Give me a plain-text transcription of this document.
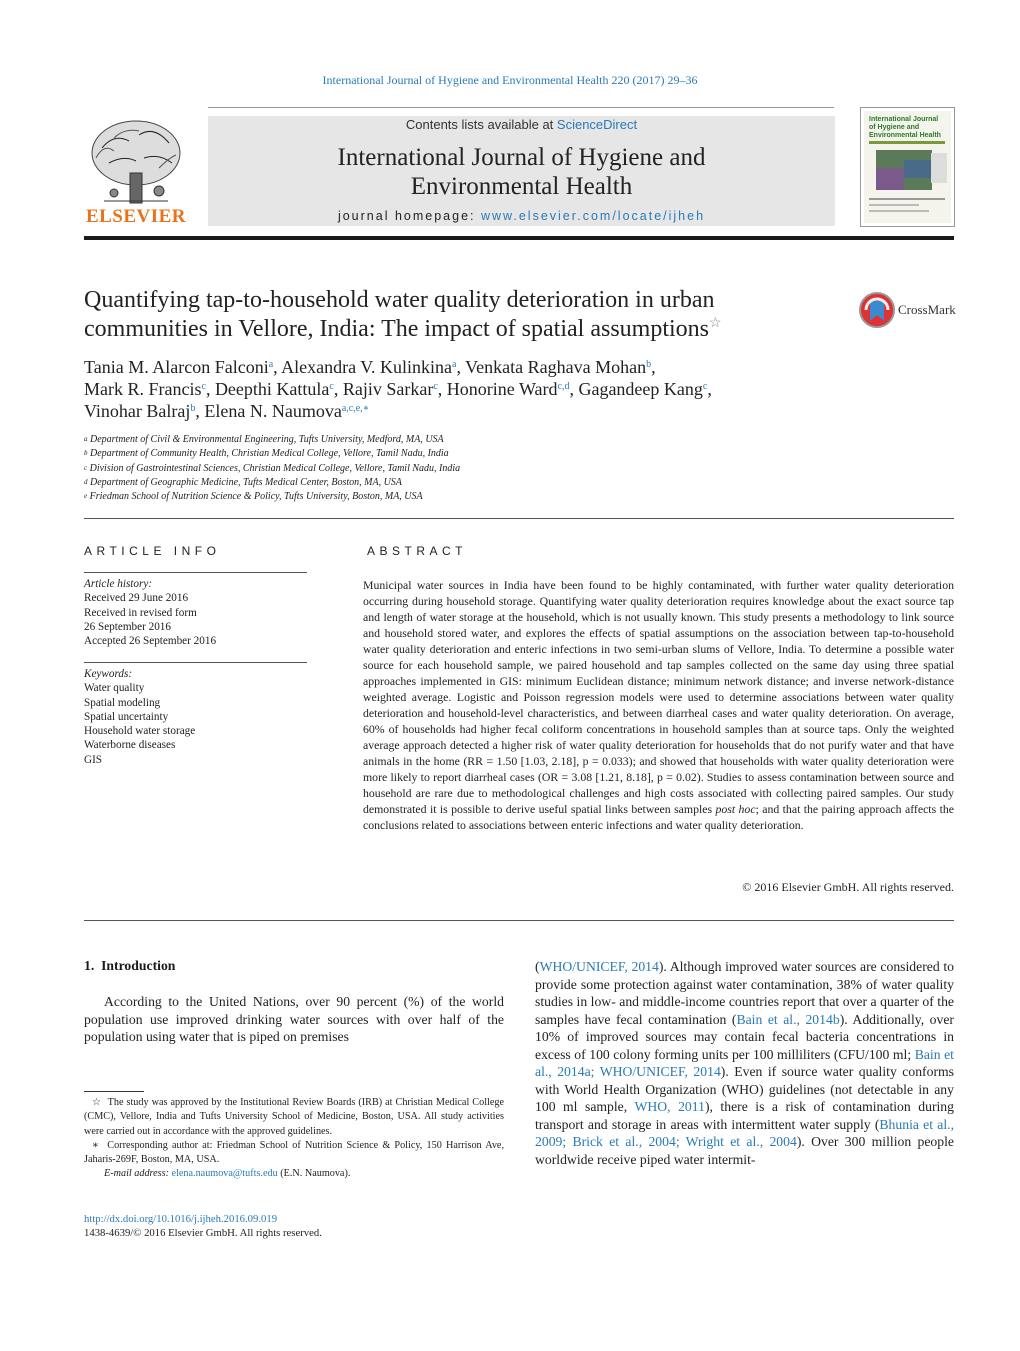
International Journal of Hygiene and Environmental Health 220 (2017) 29–36
ELSEVIER
Contents lists available at ScienceDirect
International Journal of Hygiene and
Environmental Health
journal homepage: www.elsevier.com/locate/ijheh
International Journal
of Hygiene and
Environmental Health
Quantifying tap-to-household water quality deterioration in urban
communities in Vellore, India: The impact of spatial assumptions☆
CrossMark
Tania M. Alarcon Falconi$^a$, Alexandra V. Kulinkina$^a$, Venkata Raghava Mohan$^b$,
Mark R. Francis$^c$, Deepthi Kattula$^c$, Rajiv Sarkar$^c$, Honorine Ward$^{c,d}$, Gagandeep Kang$^c$,
Vinohar Balraj$^b$, Elena N. Naumova$^{a,c,e,∗}$
$^a$ Department of Civil & Environmental Engineering, Tufts University, Medford, MA, USA
$^b$ Department of Community Health, Christian Medical College, Vellore, Tamil Nadu, India
$^c$ Division of Gastrointestinal Sciences, Christian Medical College, Vellore, Tamil Nadu, India
$^d$ Department of Geographic Medicine, Tufts Medical Center, Boston, MA, USA
$^e$ Friedman School of Nutrition Science & Policy, Tufts University, Boston, MA, USA
ARTICLE INFO
Article history:
Received 29 June 2016
Received in revised form
26 September 2016
Accepted 26 September 2016
Keywords:
Water quality
Spatial modeling
Spatial uncertainty
Household water storage
Waterborne diseases
GIS
ABSTRACT
Municipal water sources in India have been found to be highly contaminated, with further water quality deterioration occurring during household storage. Quantifying water quality deterioration requires knowledge about the exact source tap and length of water storage at the household, which is not usually known. This study presents a methodology to link source and household stored water, and explores the effects of spatial assumptions on the association between tap-to-household water quality deterioration and enteric infections in two semi-urban slums of Vellore, India. To determine a possible water source for each household sample, we paired household and tap samples collected on the same day using three spatial approaches implemented in GIS: minimum Euclidean distance; minimum network distance; and inverse network-distance weighted average. Logistic and Poisson regression models were used to determine associations between water quality deterioration and household-level characteristics, and between diarrheal cases and water quality deterioration. On average, 60% of households had higher fecal coliform concentrations in household samples than at source taps. Only the weighted average approach detected a higher risk of water quality deterioration for households that do not purify water and that have animals in the home (RR = 1.50 [1.03, 2.18], p = 0.033); and showed that households with water quality deterioration were more likely to report diarrheal cases (OR = 3.08 [1.21, 8.18], p = 0.02). Studies to assess contamination between source and household are rare due to methodological challenges and high costs associated with collecting paired samples. Our study demonstrated it is possible to derive useful spatial links between samples post hoc; and that the pairing approach affects the conclusions related to associations between enteric infections and water quality deterioration.
© 2016 Elsevier GmbH. All rights reserved.
1. Introduction
According to the United Nations, over 90 percent (%) of the world population use improved drinking water sources with over half of the population using water that is piped on premises
(WHO/UNICEF, 2014). Although improved water sources are considered to provide some protection against water contamination, 38% of water quality studies in low- and middle-income countries report that over a quarter of the samples have fecal contamination (Bain et al., 2014b). Additionally, over 10% of improved sources may contain fecal bacteria concentrations in excess of 100 colony forming units per 100 milliliters (CFU/100 ml; Bain et al., 2014a; WHO/UNICEF, 2014). Even if source water quality conforms with World Health Organization (WHO) guidelines (not detectable in any 100 ml sample, WHO, 2011), there is a risk of contamination during transport and storage in areas with intermittent water supply (Bhunia et al., 2009; Brick et al., 2004; Wright et al., 2004). Over 300 million people worldwide receive piped water intermit-
☆ The study was approved by the Institutional Review Boards (IRB) at Christian Medical College (CMC), Vellore, India and Tufts University School of Medicine, Boston, USA. All study activities were carried out in accordance with the approved guidelines.
∗ Corresponding author at: Friedman School of Nutrition Science & Policy, 150 Harrison Ave, Jaharis-269F, Boston, MA, USA.
E-mail address: elena.naumova@tufts.edu (E.N. Naumova).
http://dx.doi.org/10.1016/j.ijheh.2016.09.019
1438-4639/© 2016 Elsevier GmbH. All rights reserved.
